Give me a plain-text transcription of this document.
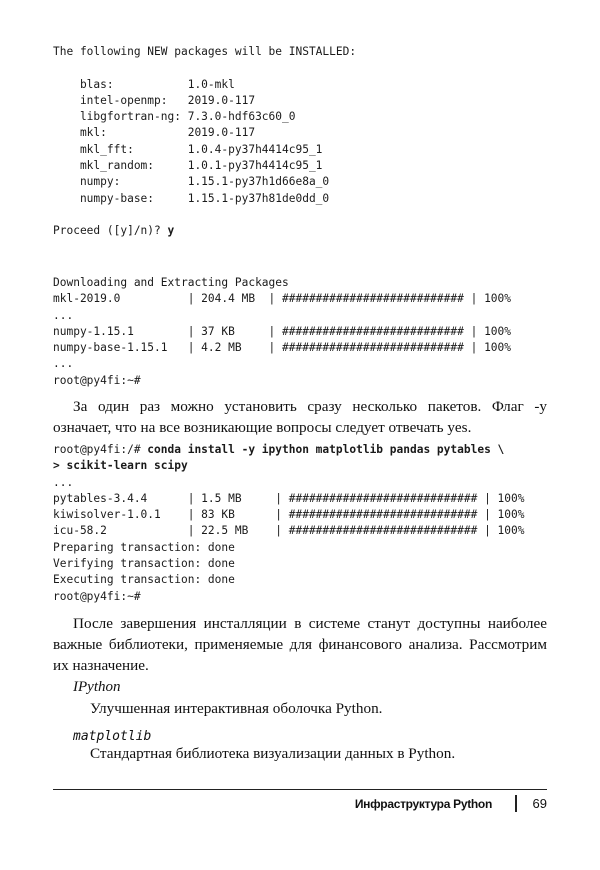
The following NEW packages will be INSTALLED:

blas:           1.0-mkl
intel-openmp:   2019.0-117
libgfortran-ng: 7.3.0-hdf63c60_0
mkl:            2019.0-117
mkl_fft:        1.0.4-py37h4414c95_1
mkl_random:     1.0.1-py37h4414c95_1
numpy:          1.15.1-py37h1d66e8a_0
numpy-base:     1.15.1-py37h81de0dd_0

Proceed ([y]/n)? y
Downloading and Extracting Packages
mkl-2019.0          | 204.4 MB  | ########################### | 100%
...
numpy-1.15.1        | 37 KB     | ########################### | 100%
numpy-base-1.15.1   | 4.2 MB    | ########################### | 100%
...
root@py4fi:~#

За один раз можно установить сразу несколько пакетов. Флаг -y означает, что на все возникающие вопросы следует отвечать yes.

root@py4fi:/# conda install -y ipython matplotlib pandas pytables \
> scikit-learn scipy
...
pytables-3.4.4      | 1.5 MB     | ############################ | 100%
kiwisolver-1.0.1    | 83 KB      | ############################ | 100%
icu-58.2            | 22.5 MB    | ############################ | 100%
Preparing transaction: done
Verifying transaction: done
Executing transaction: done
root@py4fi:~#

После завершения инсталляции в системе станут доступны наиболее важные библиотеки, применяемые для финансового анализа. Рассмотрим их назначение.

IPython
Улучшенная интерактивная оболочка Python.
matplotlib
Стандартная библиотека визуализации данных в Python.
Инфраструктура Python	69
